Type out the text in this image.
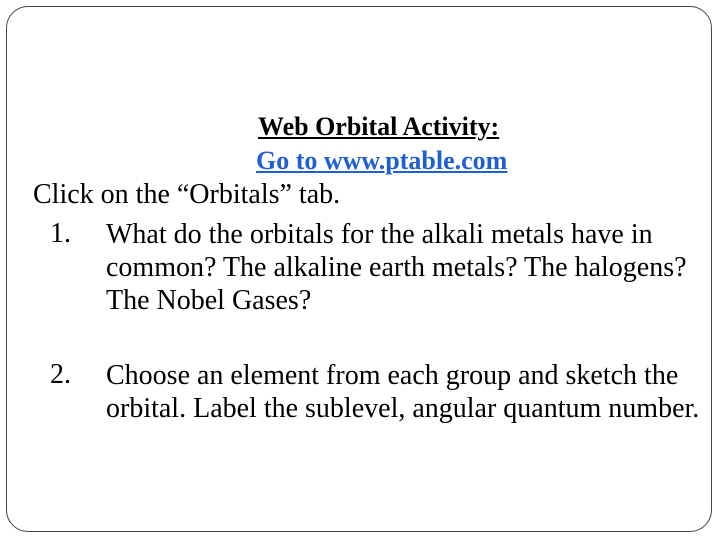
Web Orbital Activity:
Go to www.ptable.com
Click on the “Orbitals” tab.
1. What do the orbitals for the alkali metals have in
common? The alkaline earth metals? The halogens?
The Nobel Gases?
2. Choose an element from each group and sketch the
orbital. Label the sublevel, angular quantum number.
